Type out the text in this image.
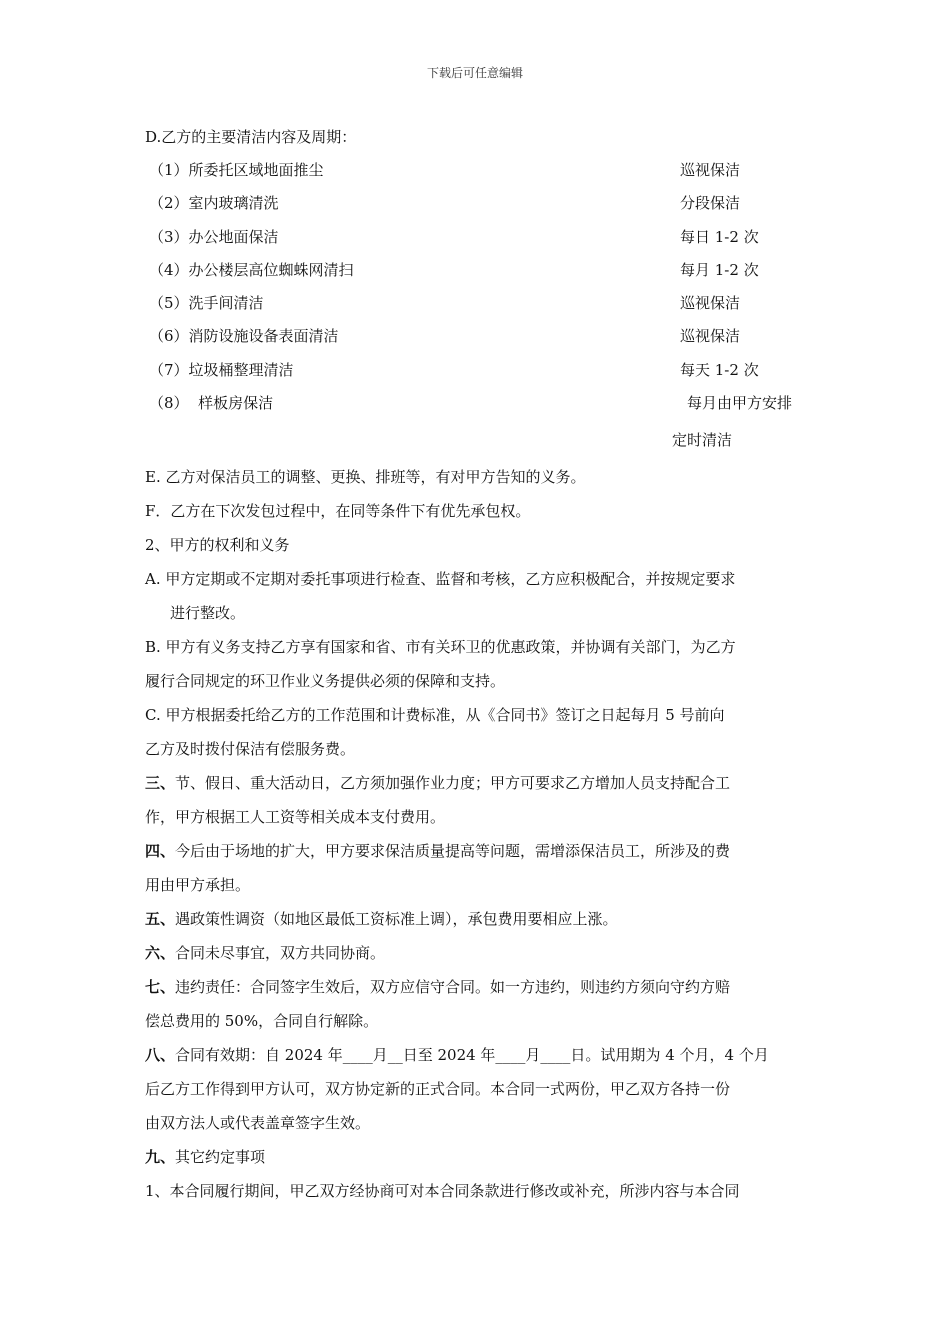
下载后可任意编辑

D.乙方的主要清洁内容及周期：

（1）所委托区域地面推尘	巡视保洁
（2）室内玻璃清洗	分段保洁
（3）办公地面保洁	每日 1-2 次
（4）办公楼层高位蜘蛛网清扫	每月 1-2 次
（5）洗手间清洁	巡视保洁
（6）消防设施设备表面清洁	巡视保洁
（7）垃圾桶整理清洁	每天 1-2 次
（8）  样板房保洁	每月由甲方安排
定时清洁

E. 乙方对保洁员工的调整、更换、排班等，有对甲方告知的义务。

F．乙方在下次发包过程中，在同等条件下有优先承包权。

2、甲方的权利和义务

A. 甲方定期或不定期对委托事项进行检查、监督和考核，乙方应积极配合，并按规定要求

进行整改。

B. 甲方有义务支持乙方享有国家和省、市有关环卫的优惠政策，并协调有关部门，为乙方

履行合同规定的环卫作业义务提供必须的保障和支持。

C. 甲方根据委托给乙方的工作范围和计费标准，从《合同书》签订之日起每月 5 号前向

乙方及时拨付保洁有偿服务费。

三、节、假日、重大活动日，乙方须加强作业力度；甲方可要求乙方增加人员支持配合工

作，甲方根据工人工资等相关成本支付费用。

四、今后由于场地的扩大，甲方要求保洁质量提高等问题，需增添保洁员工，所涉及的费

用由甲方承担。

五、遇政策性调资（如地区最低工资标准上调），承包费用要相应上涨。

六、合同未尽事宜，双方共同协商。

七、违约责任：合同签字生效后，双方应信守合同。如一方违约，则违约方须向守约方赔

偿总费用的 50%，合同自行解除。

八、合同有效期：自 2024 年____月__日至 2024 年____月____日。试用期为 4 个月，4 个月

后乙方工作得到甲方认可，双方协定新的正式合同。本合同一式两份，甲乙双方各持一份

由双方法人或代表盖章签字生效。

九、其它约定事项

1、本合同履行期间，甲乙双方经协商可对本合同条款进行修改或补充，所涉内容与本合同
